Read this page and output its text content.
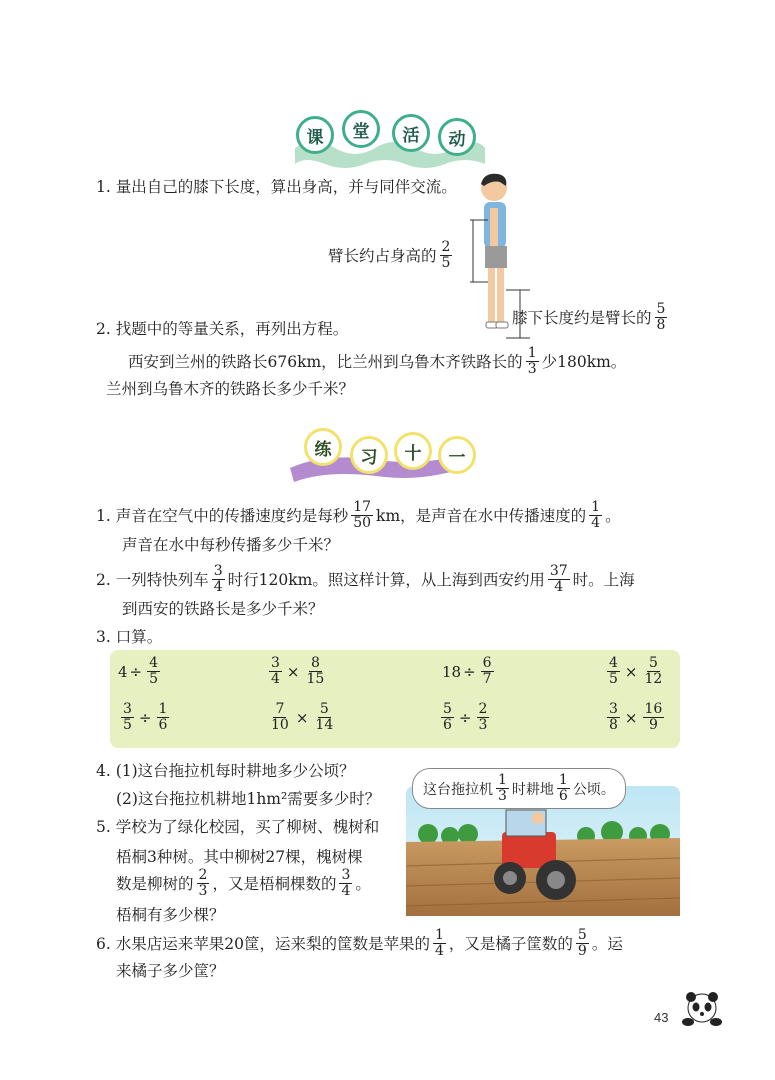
课	堂	活	动
1. 量出自己的膝下长度，算出身高，并与同伴交流。
臂长约占身高的 $\frac{2}{5}$
膝下长度约是臂长的 $\frac{5}{8}$
2. 找题中的等量关系，再列出方程。
西安到兰州的铁路长676km，比兰州到乌鲁木齐铁路长的 $\frac{1}{3}$ 少180km。
兰州到乌鲁木齐的铁路长多少千米？
练	习	十	一
1. 声音在空气中的传播速度约是每秒 $\frac{17}{50}$ km，是声音在水中传播速度的 $\frac{1}{4}$ 。
声音在水中每秒传播多少千米？
2. 一列特快列车 $\frac{3}{4}$ 时行120km。照这样计算，从上海到西安约用 $\frac{37}{4}$ 时。上海
到西安的铁路长是多少千米？
3. 口算。
$4 \div \frac{4}{5}$	$\frac{3}{4} \times \frac{8}{15}$	$18 \div \frac{6}{7}$	$\frac{4}{5} \times \frac{5}{12}$
$\frac{3}{5} \div \frac{1}{6}$	$\frac{7}{10} \times \frac{5}{14}$	$\frac{5}{6} \div \frac{2}{3}$	$\frac{3}{8} \times \frac{16}{9}$
4. (1)这台拖拉机每时耕地多少公顷？
(2)这台拖拉机耕地1hm²需要多少时？
这台拖拉机 $\frac{1}{3}$ 时耕地 $\frac{1}{6}$ 公顷。
5. 学校为了绿化校园，买了柳树、槐树和
梧桐3种树。其中柳树27棵，槐树棵
数是柳树的 $\frac{2}{3}$ ，又是梧桐棵数的 $\frac{3}{4}$ 。
梧桐有多少棵？
6. 水果店运来苹果20筐，运来梨的筐数是苹果的 $\frac{1}{4}$ ，又是橘子筐数的 $\frac{5}{9}$ 。运
来橘子多少筐？
43
